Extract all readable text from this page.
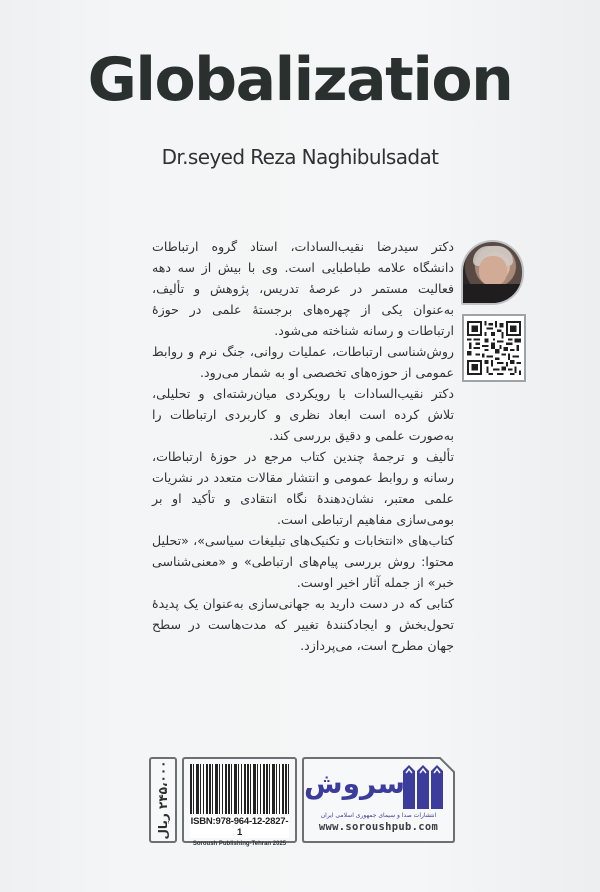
Globalization
Dr.seyed Reza Naghibulsadat

دکتر سیدرضا نقیب‌السادات، استاد گروه ارتباطات دانشگاه علامه طباطبایی است. وی با بیش از سه دهه فعالیت مستمر در عرصهٔ تدریس، پژوهش و تألیف، به‌عنوان یکی از چهره‌های برجستهٔ علمی در حوزهٔ ارتباطات و رسانه شناخته می‌شود.

روش‌شناسی ارتباطات، عملیات روانی، جنگ نرم و روابط عمومی از حوزه‌های تخصصی او به شمار می‌رود.

دکتر نقیب‌السادات با رویکردی میان‌رشته‌ای و تحلیلی، تلاش کرده است ابعاد نظری و کاربردی ارتباطات را به‌صورت علمی و دقیق بررسی کند.

تألیف و ترجمهٔ چندین کتاب مرجع در حوزهٔ ارتباطات، رسانه و روابط عمومی و انتشار مقالات متعدد در نشریات علمی معتبر، نشان‌دهندهٔ نگاه انتقادی و تأکید او بر بومی‌سازی مفاهیم ارتباطی است.

کتاب‌های «انتخابات و تکنیک‌های تبلیغات سیاسی»، «تحلیل محتوا: روش بررسی پیام‌های ارتباطی» و «معنی‌شناسی خبر» از جمله آثار اخیر اوست.

کتابی که در دست دارید به جهانی‌سازی به‌عنوان یک پدیدهٔ تحول‌بخش و ایجادکنندهٔ تغییر که مدت‌هاست در سطح جهان مطرح است، می‌پردازد.

۲۴۵،۰۰۰ ریال
ISBN:978-964-12-2827-1
Soroush Publishing-Tehran 2025
سروش
انتشارات صدا و سیمای جمهوری اسلامی ایران
www.soroushpub.com
